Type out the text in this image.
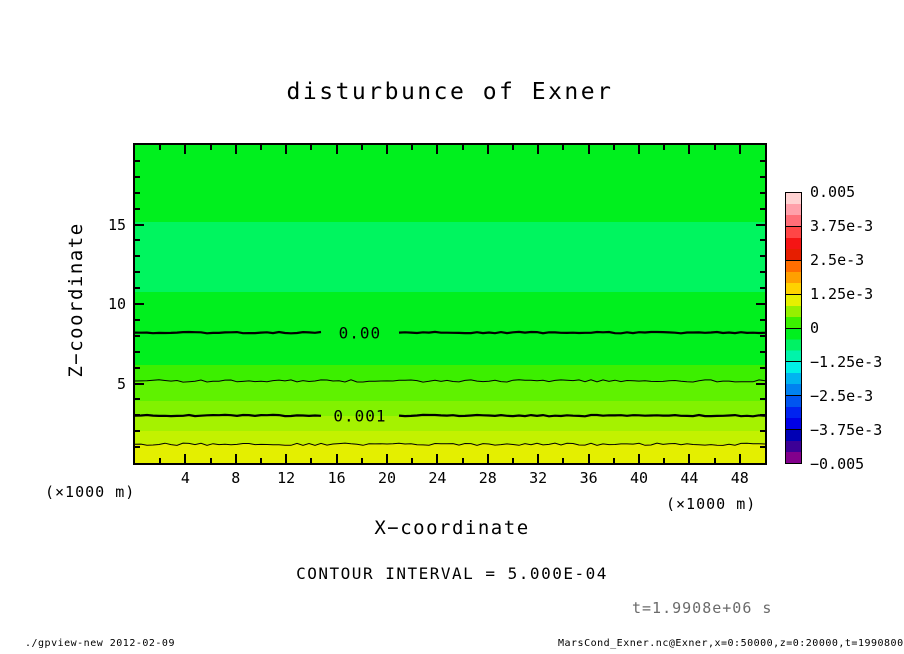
disturbunce of Exner
0.00
0.001
4	8	12	16	20	24	28	32	36	40	44	48
5
10
15
(×1000 m)
(×1000 m)
X−coordinate
Z−coordinate
CONTOUR INTERVAL = 5.000E-04
t=1.9908e+06 s
0.005
3.75e-3
2.5e-3
1.25e-3
0
−1.25e-3
−2.5e-3
−3.75e-3
−0.005
./gpview-new 2012-02-09	MarsCond_Exner.nc@Exner,x=0:50000,z=0:20000,t=1990800
